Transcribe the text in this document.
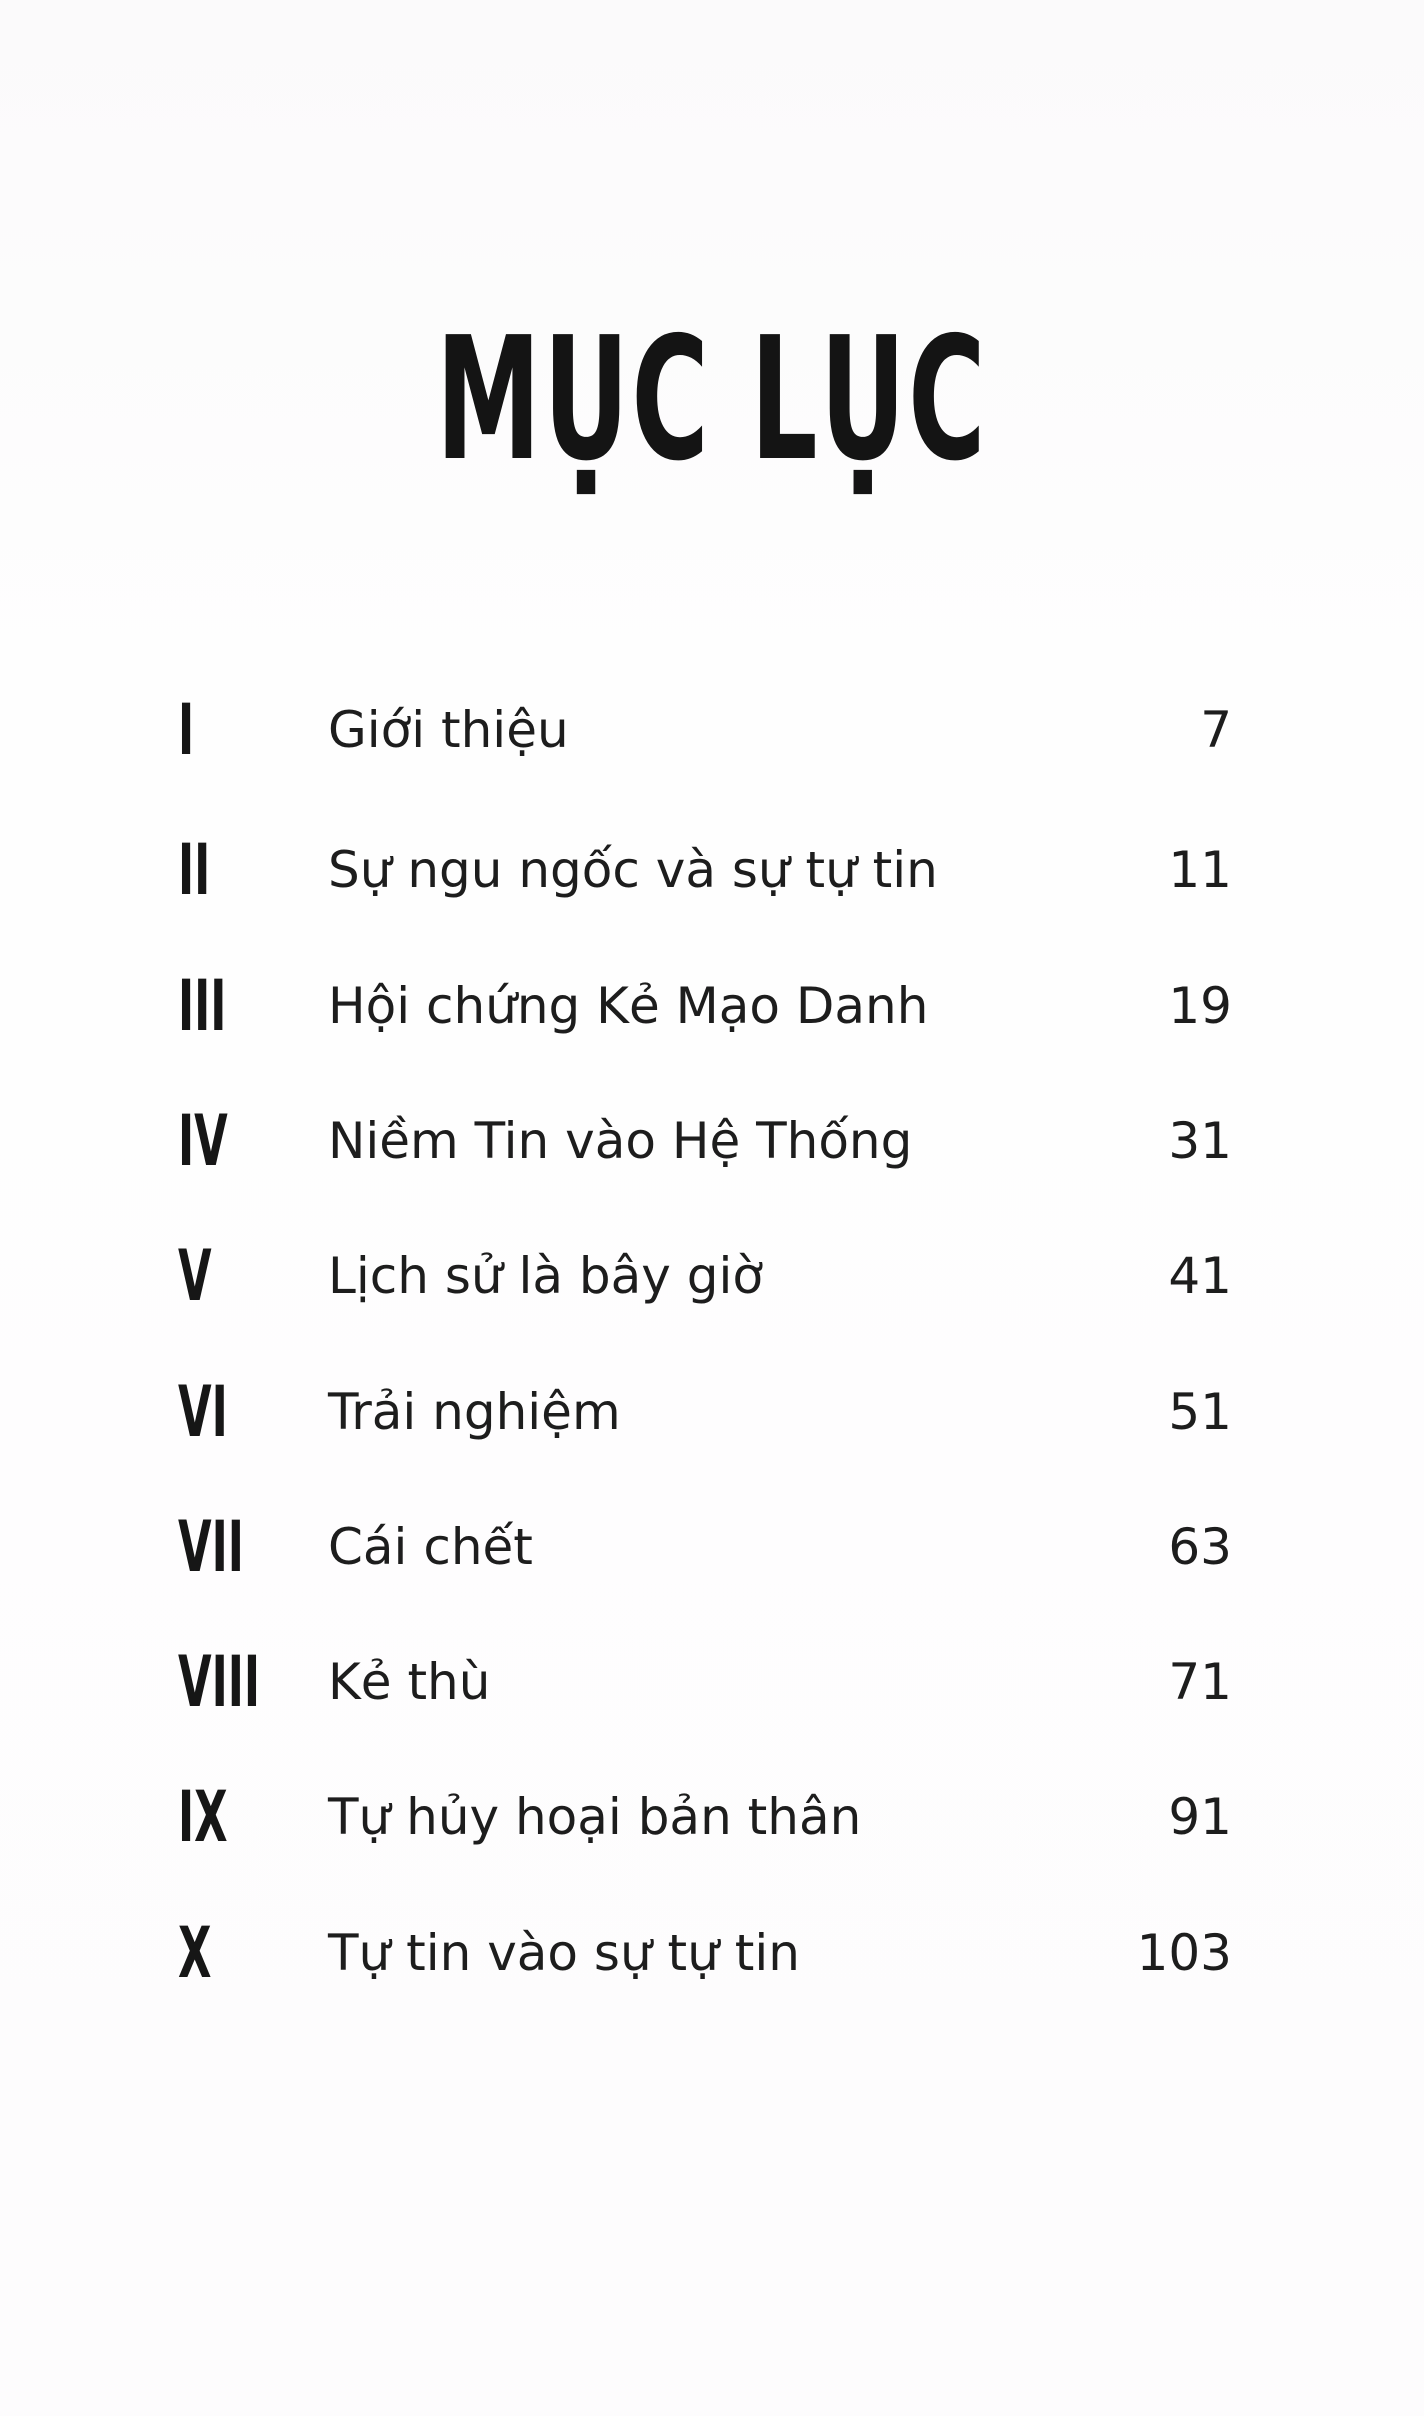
MỤC LỤC
I	Giới thiệu	7
II Sự ngu ngốc và sự tự tin	11
III Hội chứng Kẻ Mạo Danh	19
IV Niềm Tin vào Hệ Thống	31
V Lịch sử là bây giờ	41
VI Trải nghiệm	51
VII Cái chết	63
VIII Kẻ thù	71
IX Tự hủy hoại bản thân	91
X Tự tin vào sự tự tin	103
